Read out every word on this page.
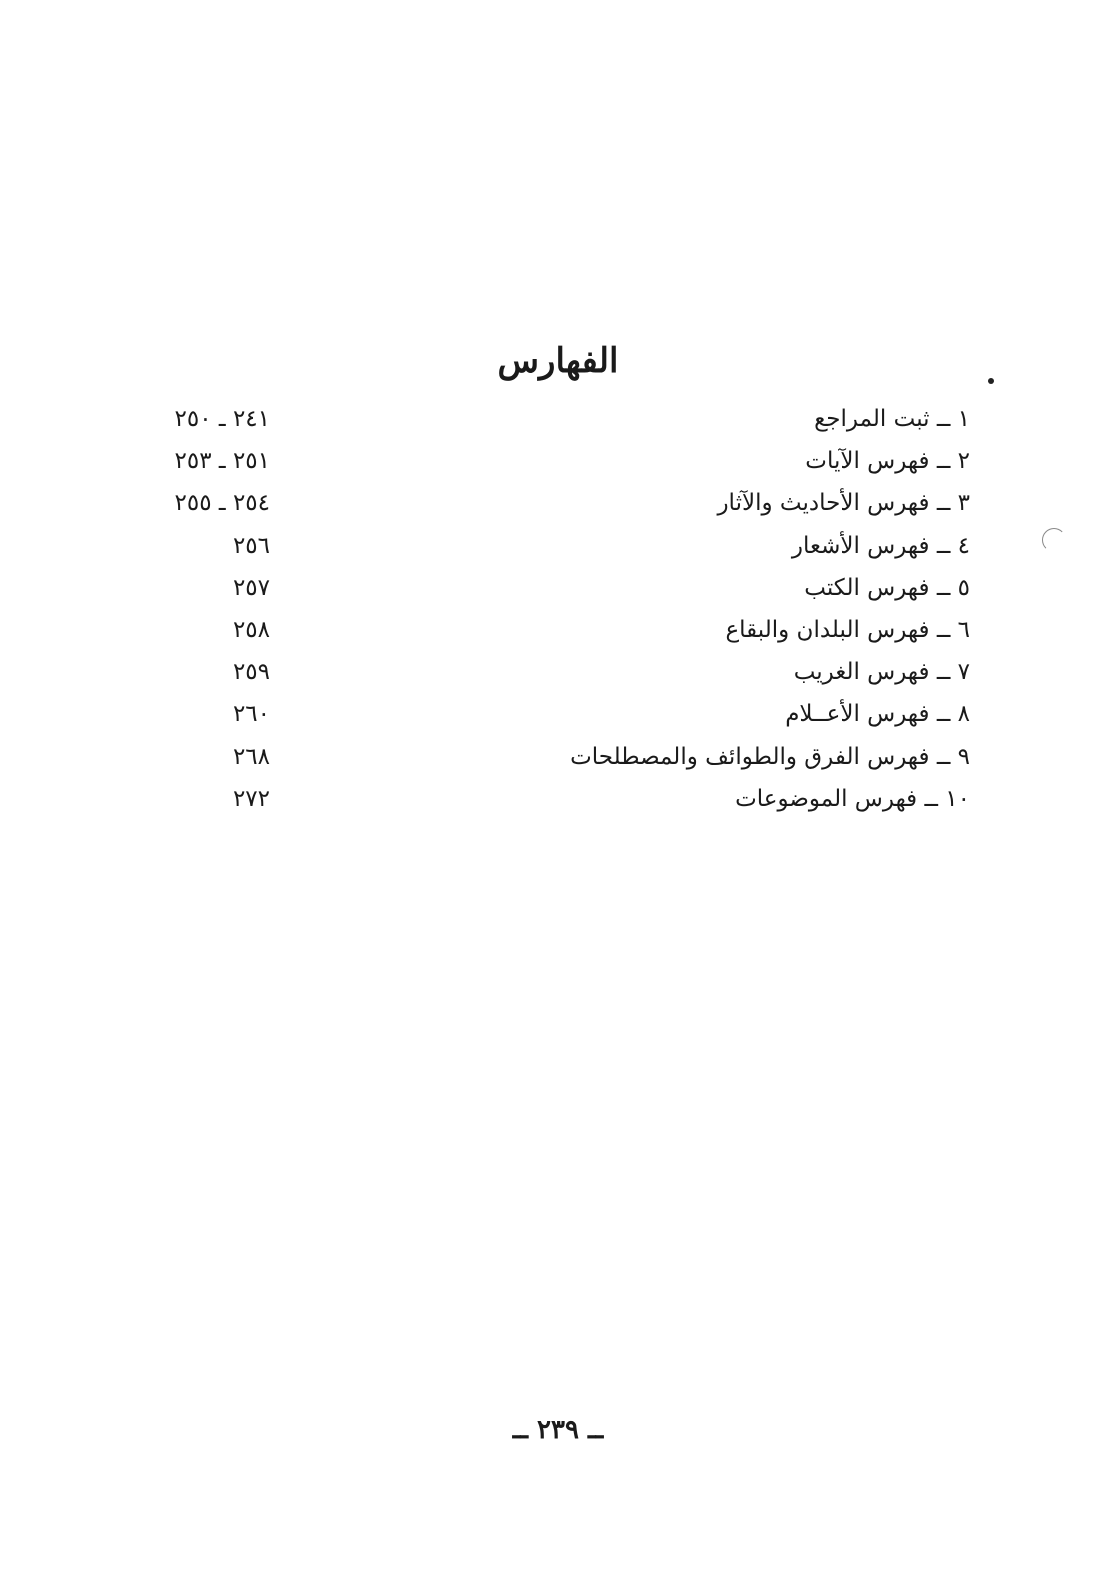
الفهارس
٢٤١ ـ ٢٥٠	١ ــ ثبت المراجع
٢٥١ ـ ٢٥٣	٢ ــ فهرس الآيات
٢٥٤ ـ ٢٥٥	٣ ــ فهرس الأحاديث والآثار
٢٥٦	٤ ــ فهرس الأشعار
٢٥٧	٥ ــ فهرس الكتب
٢٥٨	٦ ــ فهرس البلدان والبقاع
٢٥٩	٧ ــ فهرس الغريب
٢٦٠	٨ ــ فهرس الأعــلام
٢٦٨	٩ ــ فهرس الفرق والطوائف والمصطلحات
٢٧٢	١٠ ــ فهرس الموضوعات
ــ ٢٣٩ ــ
